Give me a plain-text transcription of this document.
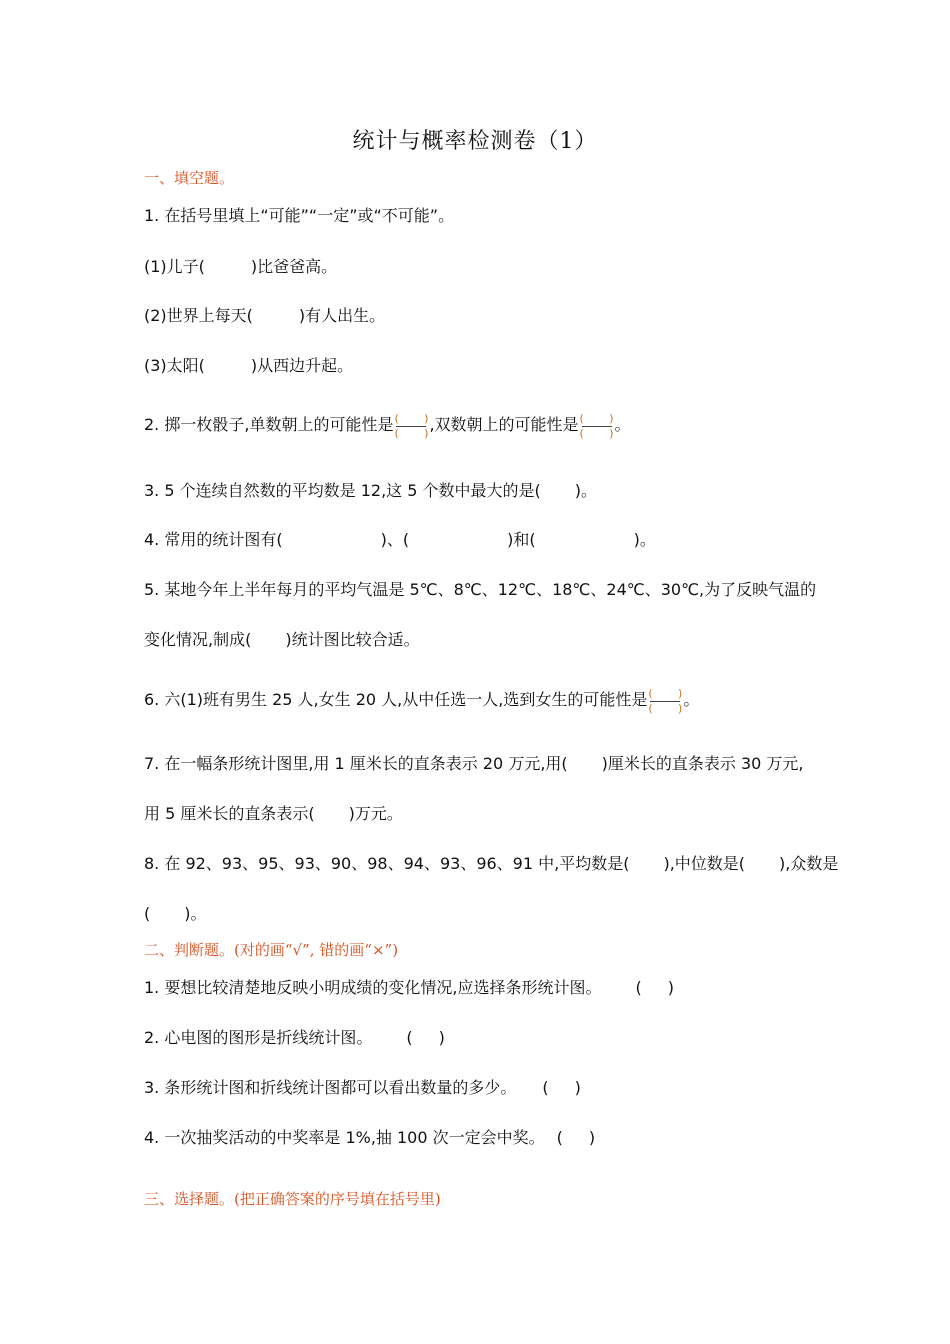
统计与概率检测卷（1）
一、填空题。
1. 在括号里填上“可能”“一定”或“不可能”。
(1)儿子(	)比爸爸高。
(2)世界上每天(	)有人出生。
(3)太阳(	)从西边升起。
2. 掷一枚骰子,单数朝上的可能性是 ( )
( ) ,双数朝上的可能性是 ( )
( ) 。
3. 5 个连续自然数的平均数是 12,这 5 个数中最大的是( )。
4. 常用的统计图有(	)、(	)和(	)。
5. 某地今年上半年每月的平均气温是 5℃、8℃、12℃、18℃、24℃、30℃,为了反映气温的
变化情况,制成( )统计图比较合适。
6. 六(1)班有男生 25 人,女生 20 人,从中任选一人,选到女生的可能性是 ( )
( ) 。
7. 在一幅条形统计图里,用 1 厘米长的直条表示 20 万元,用( )厘米长的直条表示 30 万元,
用 5 厘米长的直条表示( )万元。
8. 在 92、93、95、93、90、98、94、93、96、91 中,平均数是( ),中位数是( ),众数是
( )。
二、判断题。(对的画“√”, 错的画“×”)
1. 要想比较清楚地反映小明成绩的变化情况,应选择条形统计图。 ( )
2. 心电图的图形是折线统计图。 ( )
3. 条形统计图和折线统计图都可以看出数量的多少。 ( )
4. 一次抽奖活动的中奖率是 1%,抽 100 次一定会中奖。 ( )
三、选择题。(把正确答案的序号填在括号里)
